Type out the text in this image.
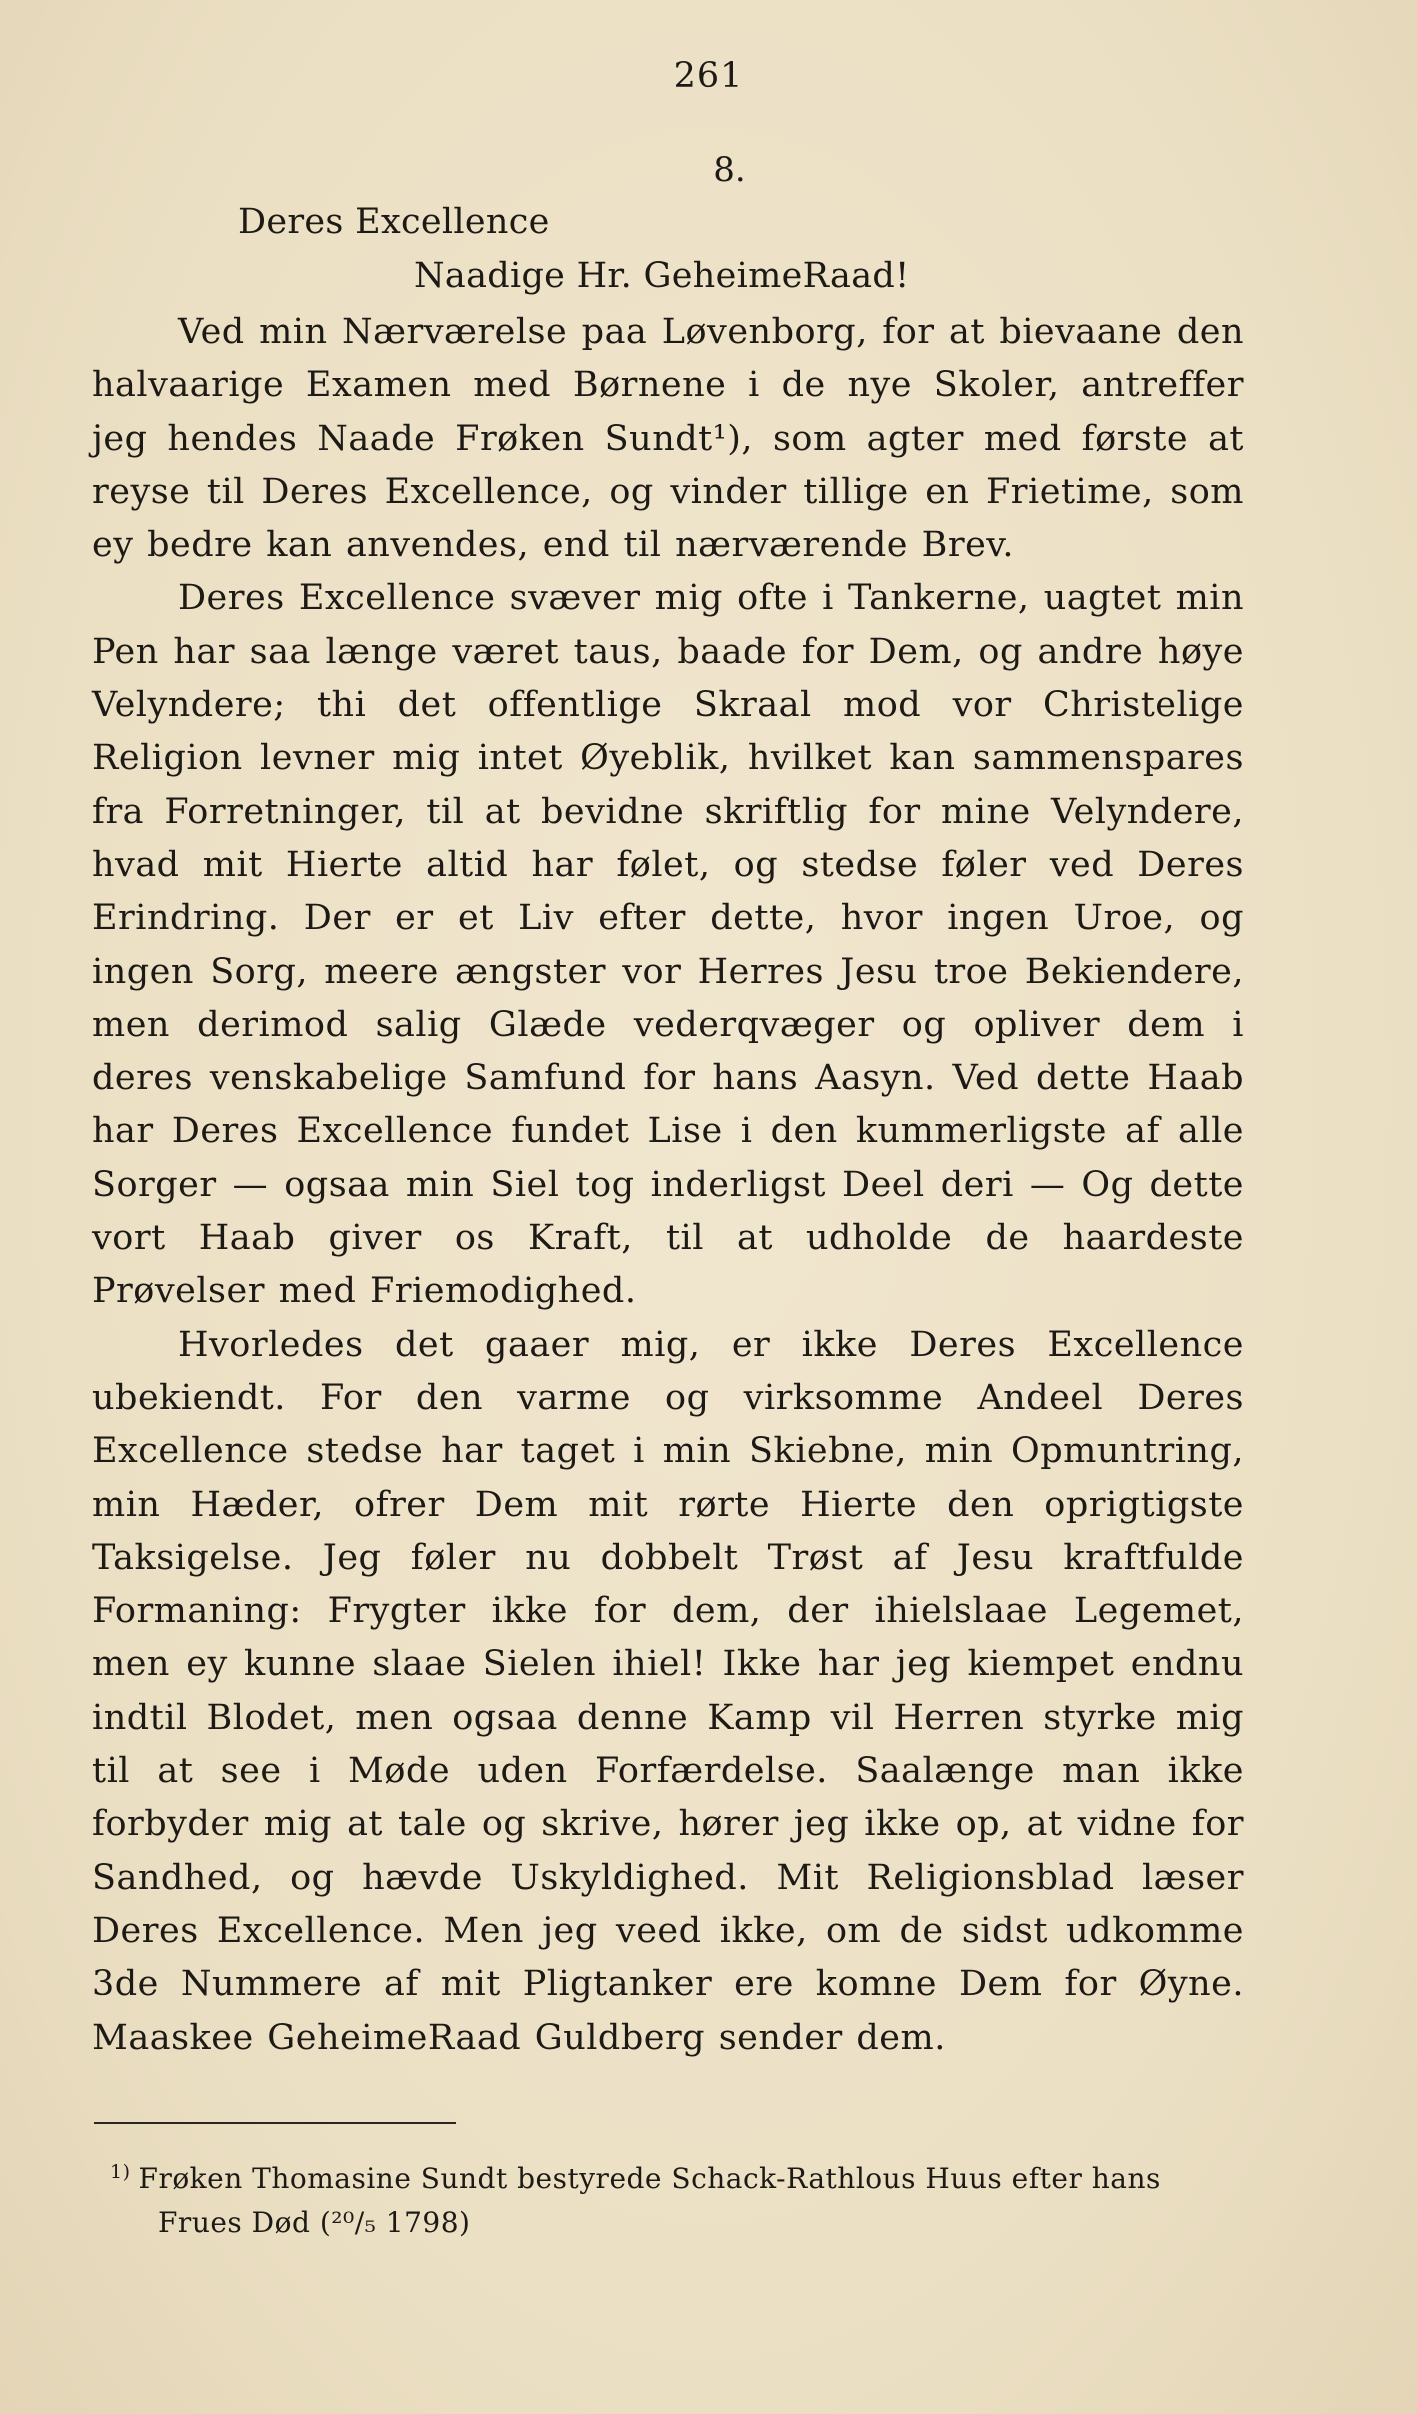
261
8.
Deres Excellence
Naadige Hr. GeheimeRaad!

Ved min Nærværelse paa Løvenborg, for at bievaane den halvaarige Examen med Børnene i de nye Skoler, antreffer jeg hendes Naade Frøken Sundt¹), som agter med første at reyse til Deres Excellence, og vinder tillige en Frietime, som ey bedre kan anvendes, end til nærværende Brev.

Deres Excellence svæver mig ofte i Tankerne, uagtet min Pen har saa længe været taus, baade for Dem, og andre høye Velyndere; thi det offentlige Skraal mod vor Christelige Religion levner mig intet Øyeblik, hvilket kan sammenspares fra Forretninger, til at bevidne skriftlig for mine Velyndere, hvad mit Hierte altid har følet, og stedse føler ved Deres Erindring. Der er et Liv efter dette, hvor ingen Uroe, og ingen Sorg, meere ængster vor Herres Jesu troe Bekiendere, men derimod salig Glæde vederqvæger og opliver dem i deres venskabelige Samfund for hans Aasyn. Ved dette Haab har Deres Excellence fundet Lise i den kummerligste af alle Sorger — ogsaa min Siel tog inderligst Deel deri — Og dette vort Haab giver os Kraft, til at udholde de haardeste Prøvelser med Friemodighed.

Hvorledes det gaaer mig, er ikke Deres Excellence ubekiendt. For den varme og virksomme Andeel Deres Excellence stedse har taget i min Skiebne, min Opmuntring, min Hæder, ofrer Dem mit rørte Hierte den oprigtigste Taksigelse. Jeg føler nu dobbelt Trøst af Jesu kraftfulde Formaning: Frygter ikke for dem, der ihielslaae Legemet, men ey kunne slaae Sielen ihiel! Ikke har jeg kiempet endnu indtil Blodet, men ogsaa denne Kamp vil Herren styrke mig til at see i Møde uden Forfærdelse. Saalænge man ikke forbyder mig at tale og skrive, hører jeg ikke op, at vidne for Sandhed, og hævde Uskyldighed. Mit Religionsblad læser Deres Excellence. Men jeg veed ikke, om de sidst udkomme 3de Nummere af mit Pligtanker ere komne Dem for Øyne. Maaskee GeheimeRaad Guldberg sender dem.

$^{1)}$ Frøken Thomasine Sundt bestyrede Schack-Rathlous Huus efter hans
Frues Død (²⁰/₅ 1798)
